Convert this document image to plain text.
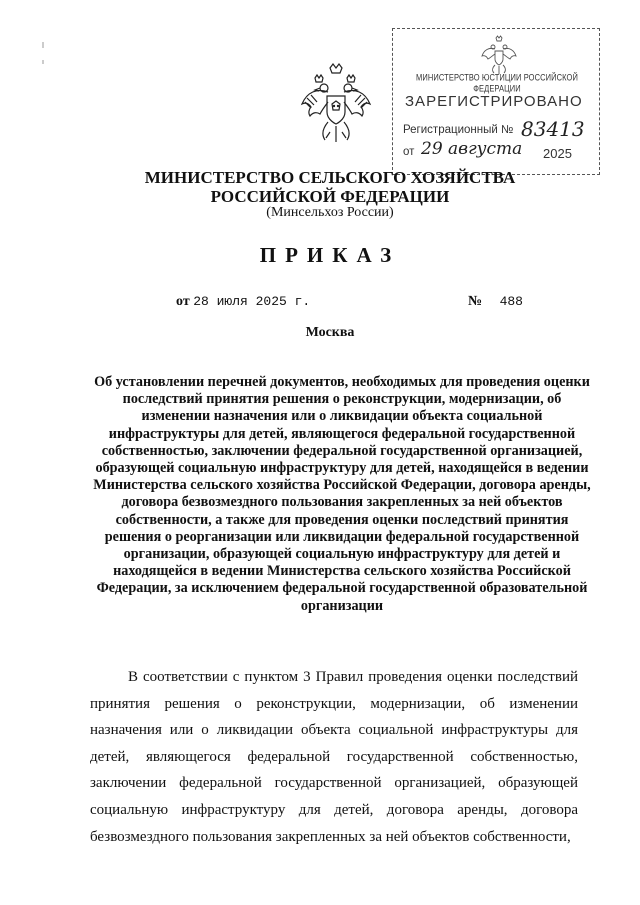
МИНИСТЕРСТВО ЮСТИЦИИ РОССИЙСКОЙ ФЕДЕРАЦИИ
ЗАРЕГИСТРИРОВАНО
Регистрационный № 83413
от 29 августа 2025
МИНИСТЕРСТВО СЕЛЬСКОГО ХОЗЯЙСТВА РОССИЙСКОЙ ФЕДЕРАЦИИ
(Минсельхоз России)
ПРИКАЗ
от 28 июля 2025 г.	№ 488
Москва
Об установлении перечней документов, необходимых для проведения оценки последствий принятия решения о реконструкции, модернизации, об изменении назначения или о ликвидации объекта социальной инфраструктуры для детей, являющегося федеральной государственной собственностью, заключении федеральной государственной организацией, образующей социальную инфраструктуру для детей, находящейся в ведении Министерства сельского хозяйства Российской Федерации, договора аренды, договора безвозмездного пользования закрепленных за ней объектов собственности, а также для проведения оценки последствий принятия решения о реорганизации или ликвидации федеральной государственной организации, образующей социальную инфраструктуру для детей и находящейся в ведении Министерства сельского хозяйства Российской Федерации, за исключением федеральной государственной образовательной организации
В соответствии с пунктом 3 Правил проведения оценки последствий принятия решения о реконструкции, модернизации, об изменении назначения или о ликвидации объекта социальной инфраструктуры для детей, являющегося федеральной государственной собственностью, заключении федеральной государственной организацией, образующей социальную инфраструктуру для детей, договора аренды, договора безвозмездного пользования закрепленных за ней объектов собственности,
